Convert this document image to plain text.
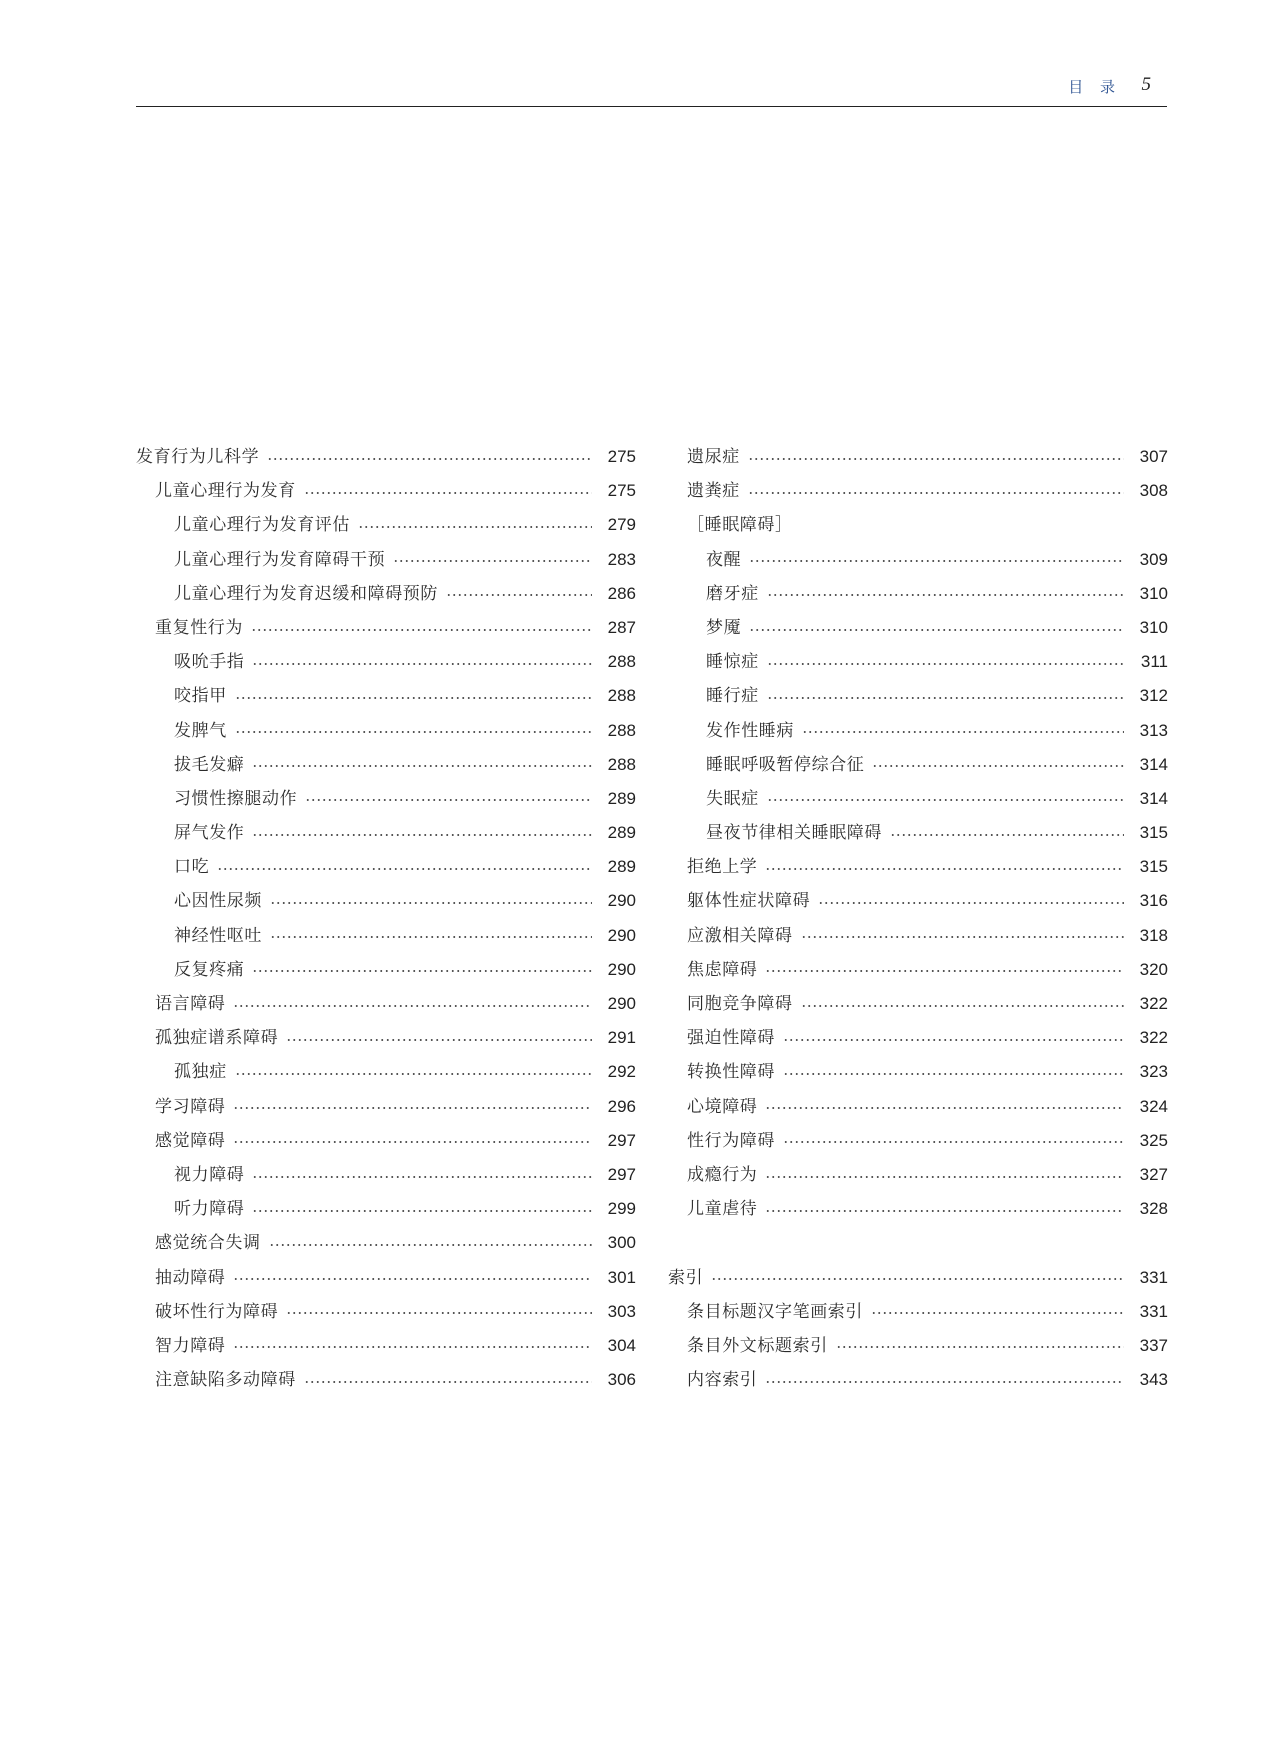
目 录 5
发育行为儿科学	275
儿童心理行为发育	275
儿童心理行为发育评估	279
儿童心理行为发育障碍干预	283
儿童心理行为发育迟缓和障碍预防	286
重复性行为	287
吸吮手指	288
咬指甲	288
发脾气	288
拔毛发癖	288
习惯性擦腿动作	289
屏气发作	289
口吃	289
心因性尿频	290
神经性呕吐	290
反复疼痛	290
语言障碍	290
孤独症谱系障碍	291
孤独症	292
学习障碍	296
感觉障碍	297
视力障碍	297
听力障碍	299
感觉统合失调	300
抽动障碍	301
破坏性行为障碍	303
智力障碍	304
注意缺陷多动障碍	306
遗尿症	307
遗粪症	308
［睡眠障碍］
夜醒	309
磨牙症	310
梦魇	310
睡惊症	311
睡行症	312
发作性睡病	313
睡眠呼吸暂停综合征	314
失眠症	314
昼夜节律相关睡眠障碍	315
拒绝上学	315
躯体性症状障碍	316
应激相关障碍	318
焦虑障碍	320
同胞竞争障碍	322
强迫性障碍	322
转换性障碍	323
心境障碍	324
性行为障碍	325
成瘾行为	327
儿童虐待	328
索引	331
条目标题汉字笔画索引	331
条目外文标题索引	337
内容索引	343
